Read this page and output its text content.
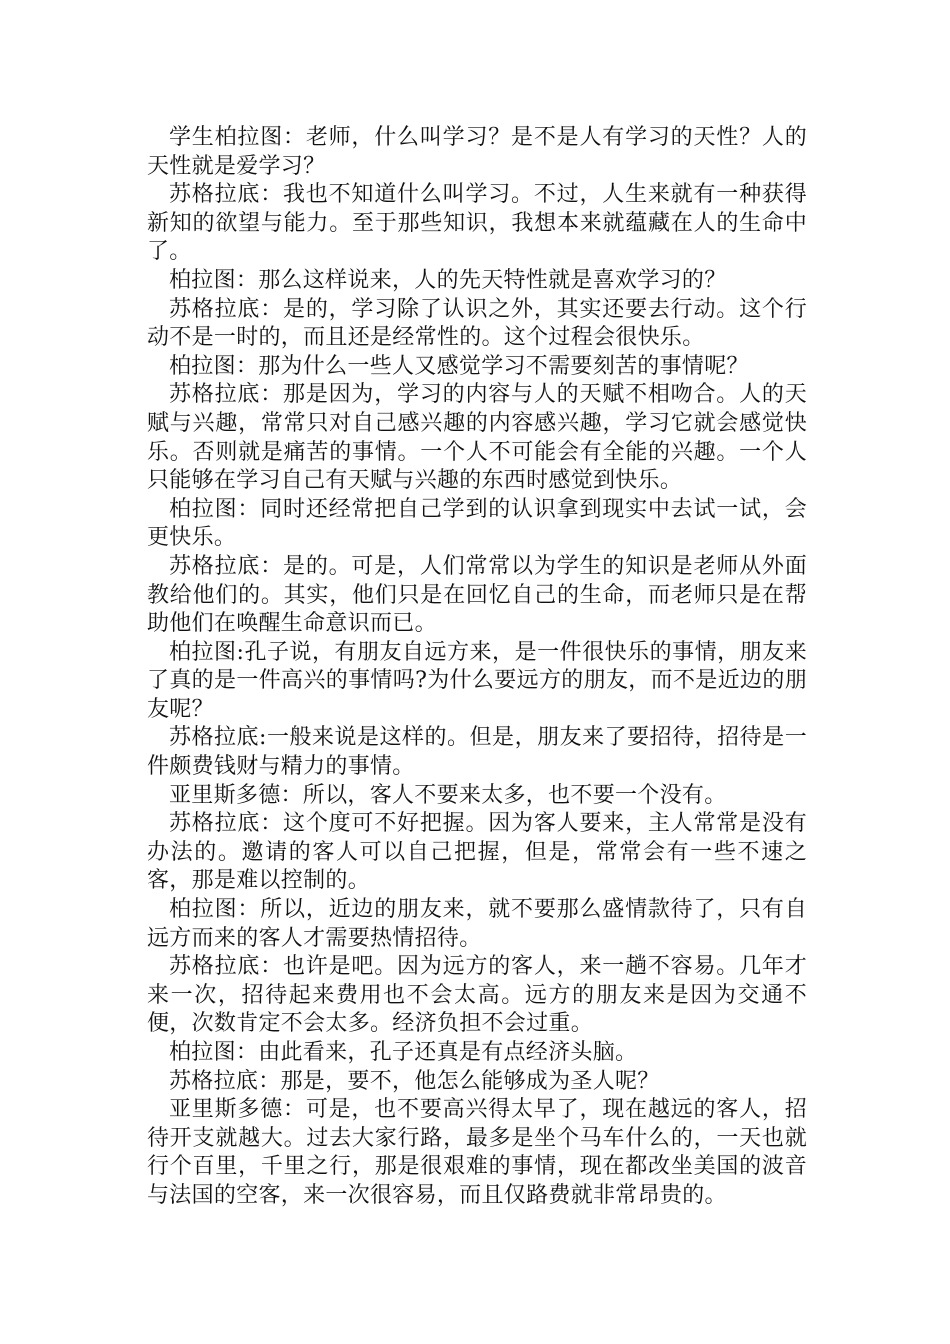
学生柏拉图：老师，什么叫学习？是不是人有学习的天性？人的天性就是爱学习？

苏格拉底：我也不知道什么叫学习。不过，人生来就有一种获得新知的欲望与能力。至于那些知识，我想本来就蕴藏在人的生命中了。

柏拉图：那么这样说来，人的先天特性就是喜欢学习的？

苏格拉底：是的，学习除了认识之外，其实还要去行动。这个行动不是一时的，而且还是经常性的。这个过程会很快乐。

柏拉图：那为什么一些人又感觉学习不需要刻苦的事情呢？

苏格拉底：那是因为，学习的内容与人的天赋不相吻合。人的天赋与兴趣，常常只对自己感兴趣的内容感兴趣，学习它就会感觉快乐。否则就是痛苦的事情。一个人不可能会有全能的兴趣。一个人只能够在学习自己有天赋与兴趣的东西时感觉到快乐。

柏拉图：同时还经常把自己学到的认识拿到现实中去试一试，会更快乐。

苏格拉底：是的。可是，人们常常以为学生的知识是老师从外面教给他们的。其实，他们只是在回忆自己的生命，而老师只是在帮助他们在唤醒生命意识而已。

柏拉图:孔子说，有朋友自远方来，是一件很快乐的事情，朋友来了真的是一件高兴的事情吗?为什么要远方的朋友，而不是近边的朋友呢？

苏格拉底:一般来说是这样的。但是，朋友来了要招待，招待是一件颇费钱财与精力的事情。

亚里斯多德：所以，客人不要来太多，也不要一个没有。

苏格拉底：这个度可不好把握。因为客人要来，主人常常是没有办法的。邀请的客人可以自己把握，但是，常常会有一些不速之客，那是难以控制的。

柏拉图：所以，近边的朋友来，就不要那么盛情款待了，只有自远方而来的客人才需要热情招待。

苏格拉底：也许是吧。因为远方的客人，来一趟不容易。几年才来一次，招待起来费用也不会太高。远方的朋友来是因为交通不便，次数肯定不会太多。经济负担不会过重。

柏拉图：由此看来，孔子还真是有点经济头脑。

苏格拉底：那是，要不，他怎么能够成为圣人呢？

亚里斯多德：可是，也不要高兴得太早了，现在越远的客人，招待开支就越大。过去大家行路，最多是坐个马车什么的，一天也就行个百里，千里之行，那是很艰难的事情，现在都改坐美国的波音与法国的空客，来一次很容易，而且仅路费就非常昂贵的。
